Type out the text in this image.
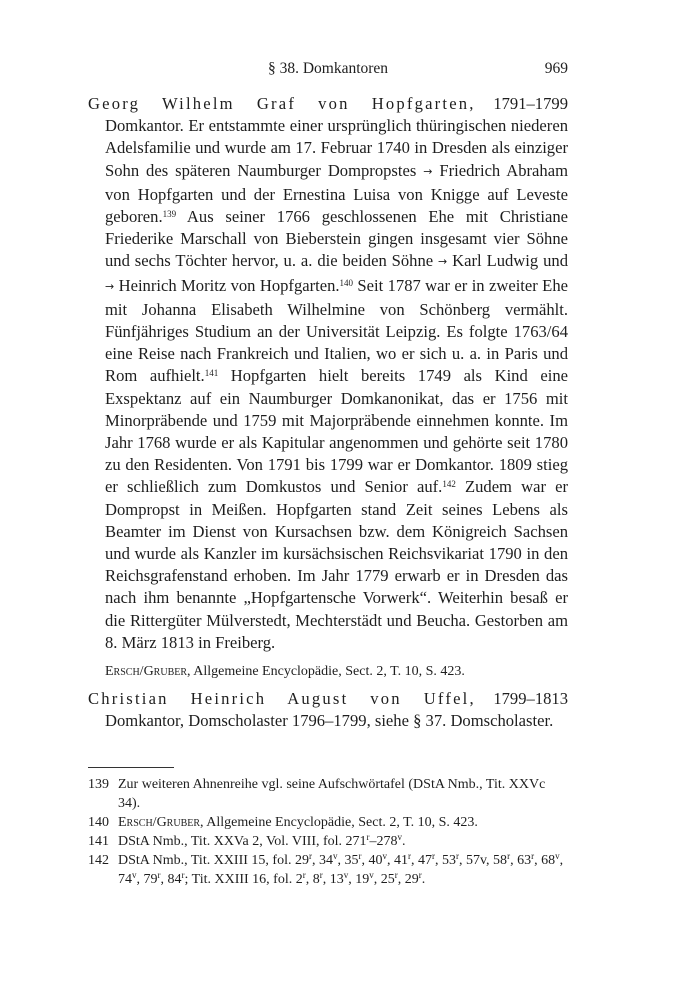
§ 38. Domkantoren	969

Georg Wilhelm Graf von Hopfgarten, 1791–1799 Domkantor. Er entstammte einer ursprünglich thüringischen niederen Adelsfamilie und wurde am 17. Februar 1740 in Dresden als einziger Sohn des späteren Naumburger Dompropstes → Friedrich Abraham von Hopfgarten und der Ernestina Luisa von Knigge auf Leveste geboren.$^{139}$ Aus seiner 1766 geschlossenen Ehe mit Christiane Friederike Marschall von Bieberstein gingen insgesamt vier Söhne und sechs Töchter hervor, u. a. die beiden Söhne → Karl Ludwig und → Heinrich Moritz von Hopfgarten.$^{140}$ Seit 1787 war er in zweiter Ehe mit Johanna Elisabeth Wilhelmine von Schönberg vermählt. Fünfjähriges Studium an der Universität Leipzig. Es folgte 1763/64 eine Reise nach Frankreich und Italien, wo er sich u. a. in Paris und Rom aufhielt.$^{141}$ Hopfgarten hielt bereits 1749 als Kind eine Exspektanz auf ein Naumburger Domkanonikat, das er 1756 mit Minorpräbende und 1759 mit Majorpräbende einnehmen konnte. Im Jahr 1768 wurde er als Kapitular angenommen und gehörte seit 1780 zu den Residenten. Von 1791 bis 1799 war er Domkantor. 1809 stieg er schließlich zum Domkustos und Senior auf.$^{142}$ Zudem war er Dompropst in Meißen. Hopfgarten stand Zeit seines Lebens als Beamter im Dienst von Kursachsen bzw. dem Königreich Sachsen und wurde als Kanzler im kursächsischen Reichsvikariat 1790 in den Reichsgrafenstand erhoben. Im Jahr 1779 erwarb er in Dresden das nach ihm benannte „Hopfgartensche Vorwerk“. Weiterhin besaß er die Rittergüter Mülverstedt, Mechterstädt und Beucha. Gestorben am 8. März 1813 in Freiberg.

Ersch/Gruber, Allgemeine Encyclopädie, Sect. 2, T. 10, S. 423.

Christian Heinrich August von Uffel, 1799–1813 Domkantor, Domscholaster 1796–1799, siehe § 37. Domscholaster.

139 Zur weiteren Ahnenreihe vgl. seine Aufschwörtafel (DStA Nmb., Tit. XXVc 34).

140 Ersch/Gruber, Allgemeine Encyclopädie, Sect. 2, T. 10, S. 423.

141 DStA Nmb., Tit. XXVa 2, Vol. VIII, fol. 271$^r$–278$^v$.

142 DStA Nmb., Tit. XXIII 15, fol. 29$^r$, 34$^v$, 35$^r$, 40$^v$, 41$^r$, 47$^r$, 53$^r$, 57v, 58$^r$, 63$^r$, 68$^v$, 74$^v$, 79$^r$, 84$^r$; Tit. XXIII 16, fol. 2$^r$, 8$^r$, 13$^v$, 19$^v$, 25$^r$, 29$^r$.
